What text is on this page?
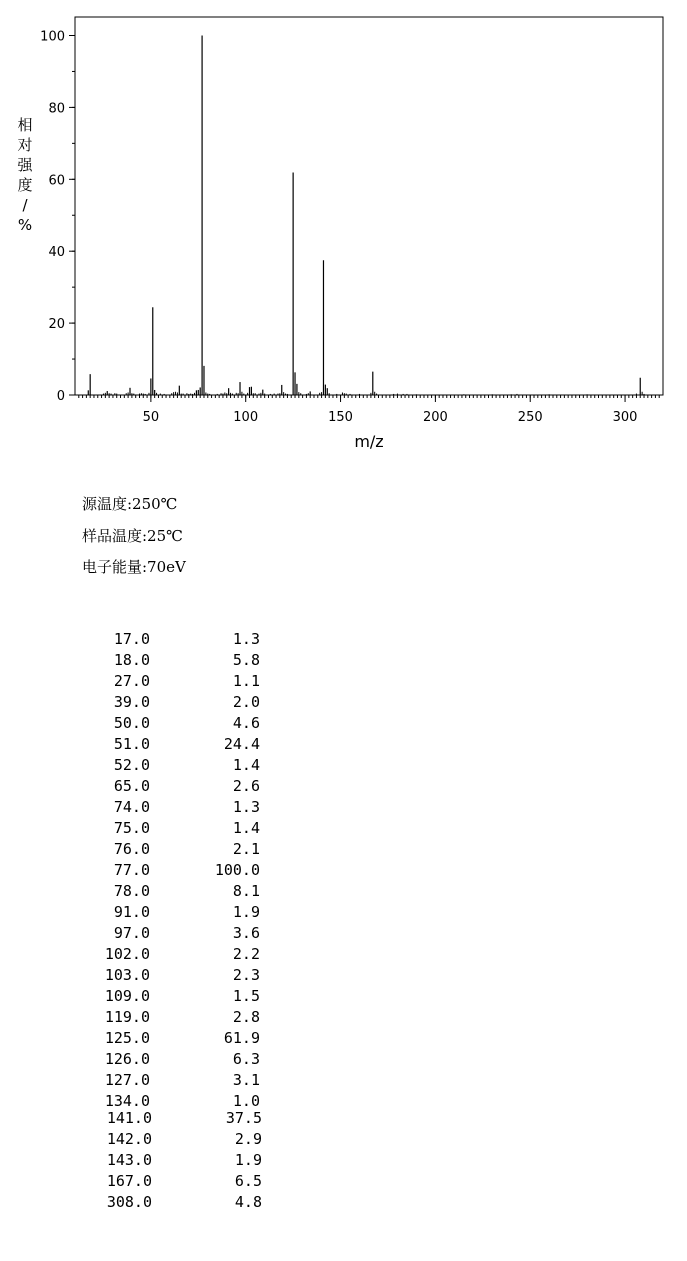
0
20
40
60
80
100
50	100	150	200	250	300
m/z
相对强度/ %
源温度:250℃
样品温度:25℃
电子能量:70eV
17.0	1.3
18.0	5.8
27.0	1.1
39.0	2.0
50.0	4.6
51.0	24.4
52.0	1.4
65.0	2.6
74.0	1.3
75.0	1.4
76.0	2.1
77.0	100.0
78.0	8.1
91.0	1.9
97.0	3.6
102.0	2.2
103.0	2.3
109.0	1.5
119.0	2.8
125.0	61.9
126.0	6.3
127.0	3.1
134.0	1.0
141.0	37.5
142.0	2.9
143.0	1.9
167.0	6.5
308.0	4.8
